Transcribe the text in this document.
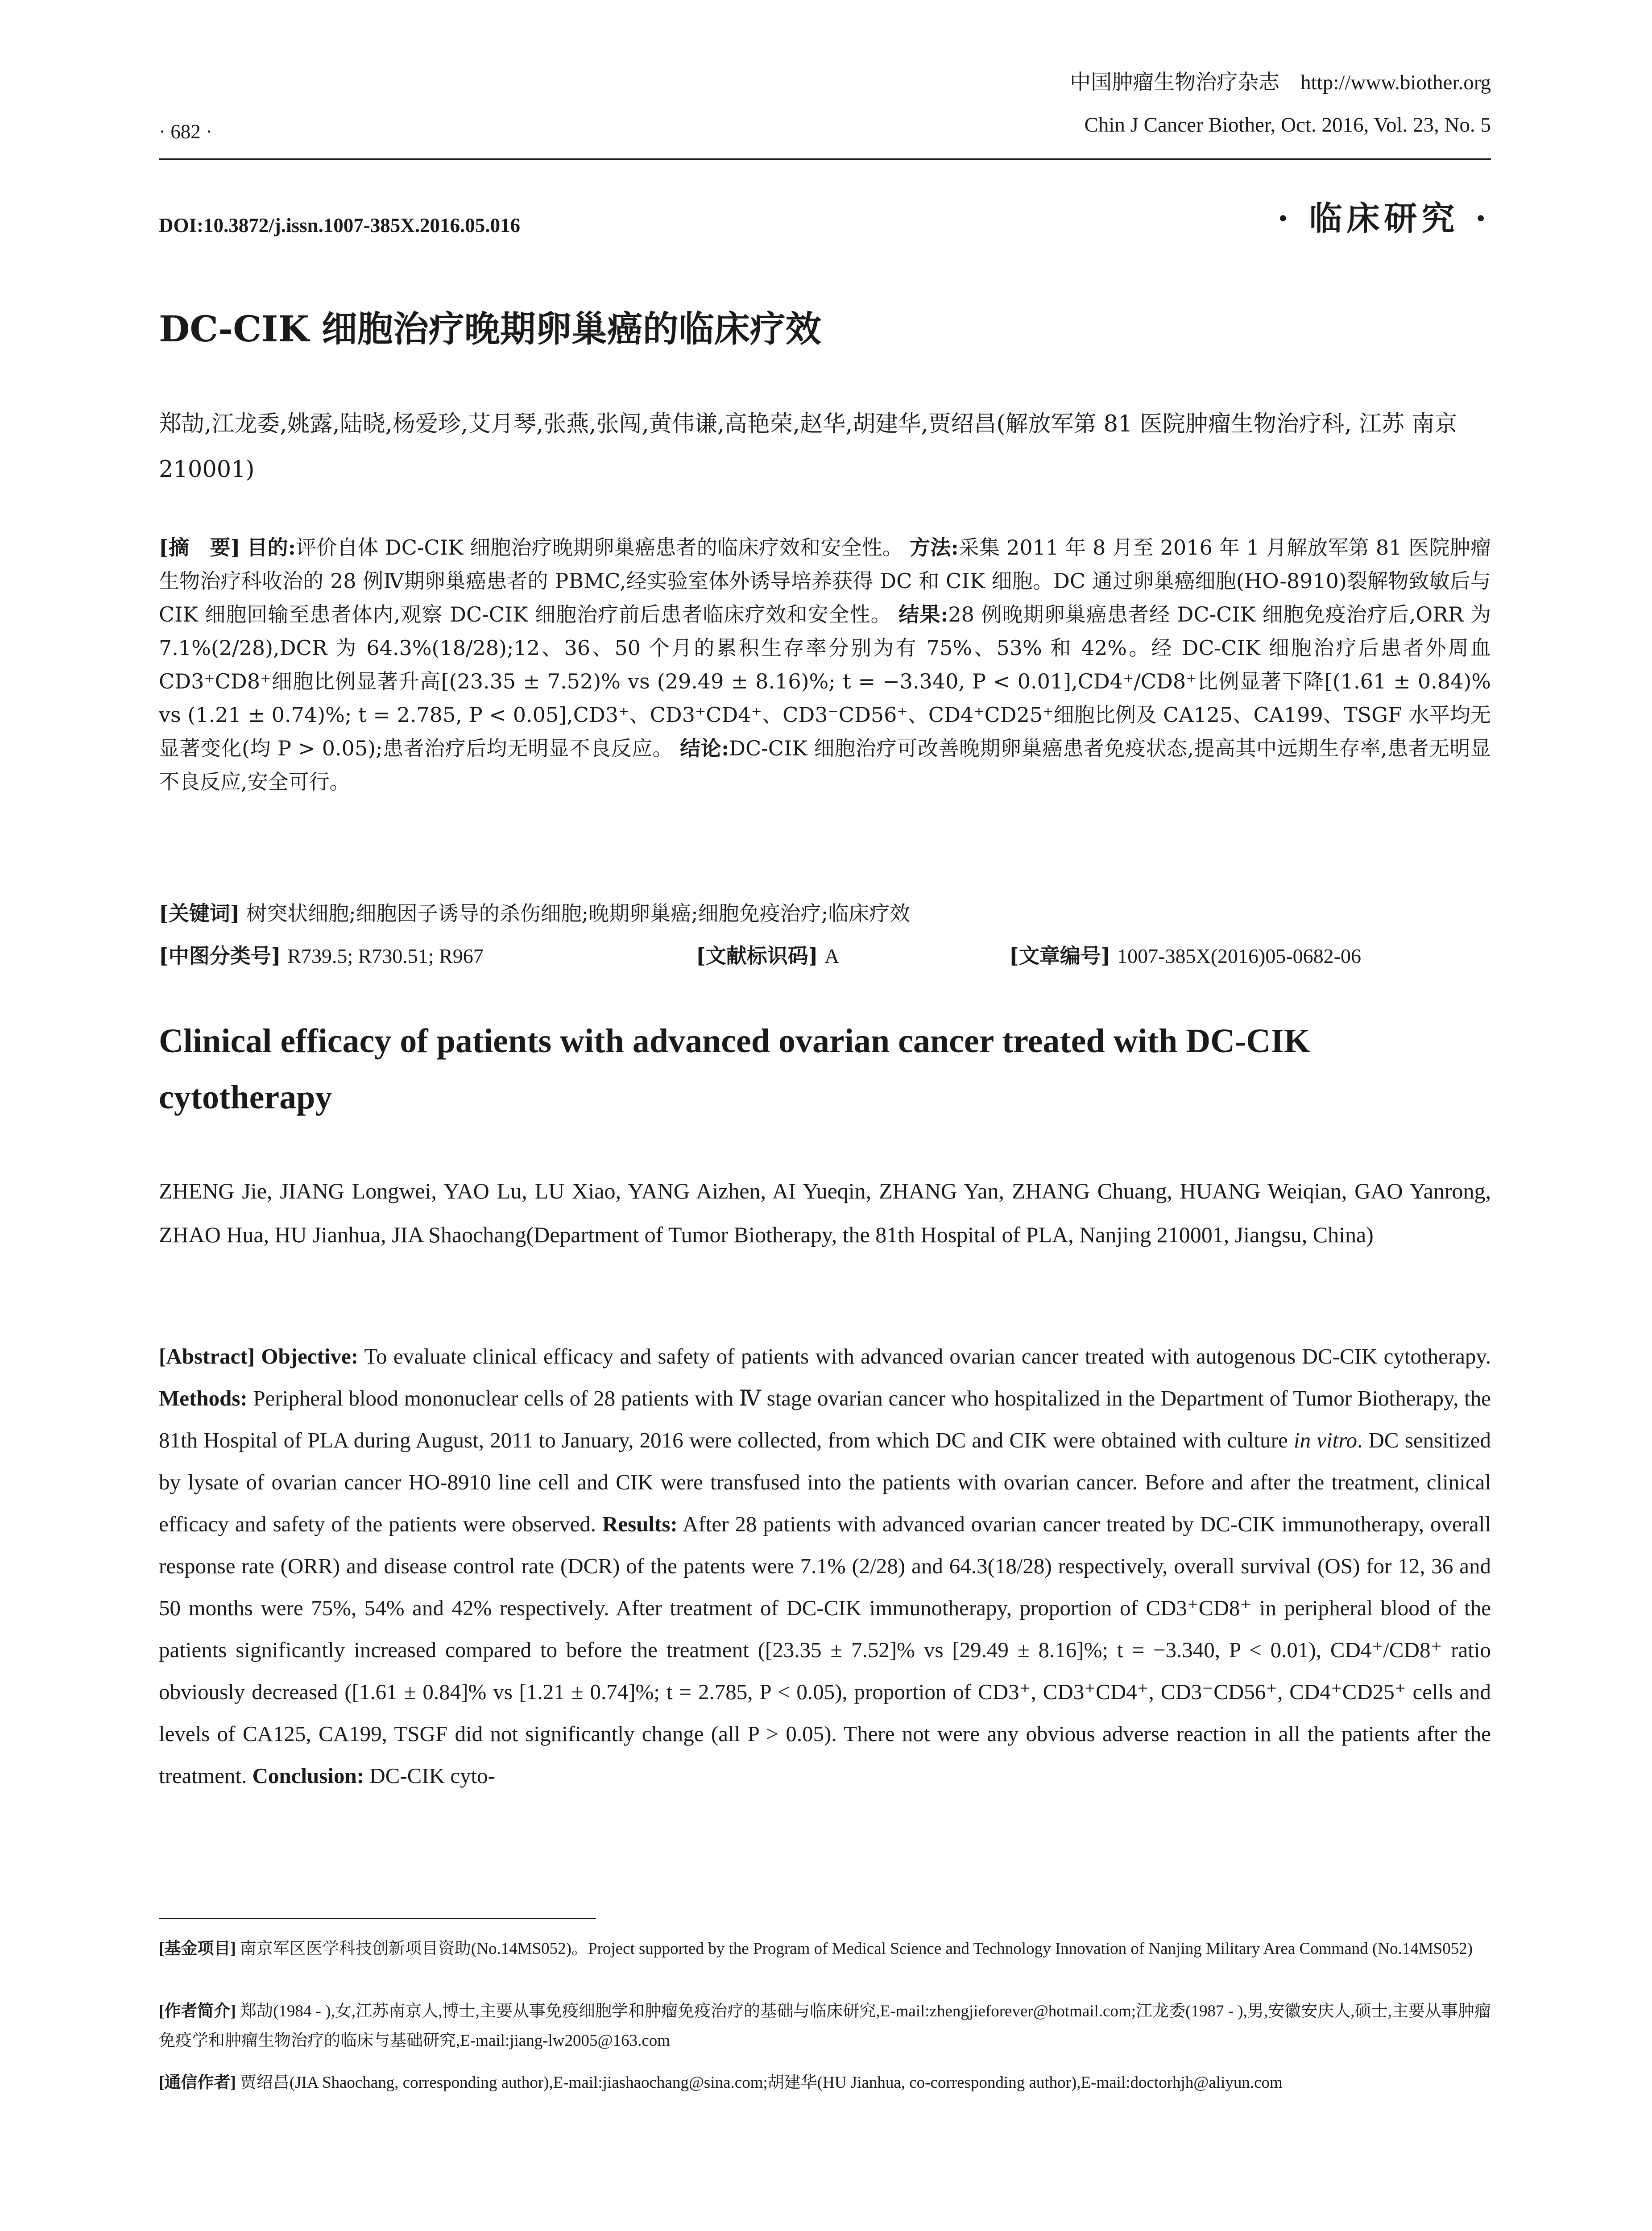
中国肿瘤生物治疗杂志　http://www.biother.org
· 682 ·	Chin J Cancer Biother, Oct. 2016, Vol. 23, No. 5
DOI:10.3872/j.issn.1007-385X.2016.05.016	· 临床研究 ·
DC-CIK 细胞治疗晚期卵巢癌的临床疗效
郑劼,江龙委,姚露,陆晓,杨爱珍,艾月琴,张燕,张闯,黄伟谦,高艳荣,赵华,胡建华,贾绍昌(解放军第 81 医院肿瘤生物治疗科, 江苏 南京 210001)
[摘　要] 目的:评价自体 DC-CIK 细胞治疗晚期卵巢癌患者的临床疗效和安全性。 方法:采集 2011 年 8 月至 2016 年 1 月解放军第 81 医院肿瘤生物治疗科收治的 28 例Ⅳ期卵巢癌患者的 PBMC,经实验室体外诱导培养获得 DC 和 CIK 细胞。DC 通过卵巢癌细胞(HO-8910)裂解物致敏后与 CIK 细胞回输至患者体内,观察 DC-CIK 细胞治疗前后患者临床疗效和安全性。 结果:28 例晚期卵巢癌患者经 DC-CIK 细胞免疫治疗后,ORR 为 7.1%(2/28),DCR 为 64.3%(18/28);12、36、50 个月的累积生存率分别为有 75%、53% 和 42%。经 DC-CIK 细胞治疗后患者外周血 CD3⁺CD8⁺细胞比例显著升高[(23.35 ± 7.52)% vs (29.49 ± 8.16)%; t = −3.340, P < 0.01],CD4⁺/CD8⁺比例显著下降[(1.61 ± 0.84)% vs (1.21 ± 0.74)%; t = 2.785, P < 0.05],CD3⁺、CD3⁺CD4⁺、CD3⁻CD56⁺、CD4⁺CD25⁺细胞比例及 CA125、CA199、TSGF 水平均无显著变化(均 P > 0.05);患者治疗后均无明显不良反应。 结论:DC-CIK 细胞治疗可改善晚期卵巢癌患者免疫状态,提高其中远期生存率,患者无明显不良反应,安全可行。
[关键词] 树突状细胞;细胞因子诱导的杀伤细胞;晚期卵巢癌;细胞免疫治疗;临床疗效
[中图分类号] R739.5; R730.51; R967	[文献标识码] A	[文章编号] 1007-385X(2016)05-0682-06
Clinical efficacy of patients with advanced ovarian cancer treated with DC-CIK cytotherapy
ZHENG Jie, JIANG Longwei, YAO Lu, LU Xiao, YANG Aizhen, AI Yueqin, ZHANG Yan, ZHANG Chuang, HUANG Weiqian, GAO Yanrong, ZHAO Hua, HU Jianhua, JIA Shaochang(Department of Tumor Biotherapy, the 81th Hospital of PLA, Nanjing 210001, Jiangsu, China)
[Abstract] Objective: To evaluate clinical efficacy and safety of patients with advanced ovarian cancer treated with autogenous DC-CIK cytotherapy. Methods: Peripheral blood mononuclear cells of 28 patients with Ⅳ stage ovarian cancer who hospitalized in the Department of Tumor Biotherapy, the 81th Hospital of PLA during August, 2011 to January, 2016 were collected, from which DC and CIK were obtained with culture in vitro. DC sensitized by lysate of ovarian cancer HO-8910 line cell and CIK were transfused into the patients with ovarian cancer. Before and after the treatment, clinical efficacy and safety of the patients were observed. Results: After 28 patients with advanced ovarian cancer treated by DC-CIK immunotherapy, overall response rate (ORR) and disease control rate (DCR) of the patents were 7.1% (2/28) and 64.3(18/28) respectively, overall survival (OS) for 12, 36 and 50 months were 75%, 54% and 42% respectively. After treatment of DC-CIK immunotherapy, proportion of CD3⁺CD8⁺ in peripheral blood of the patients significantly increased compared to before the treatment ([23.35 ± 7.52]% vs [29.49 ± 8.16]%; t = −3.340, P < 0.01), CD4⁺/CD8⁺ ratio obviously decreased ([1.61 ± 0.84]% vs [1.21 ± 0.74]%; t = 2.785, P < 0.05), proportion of CD3⁺, CD3⁺CD4⁺, CD3⁻CD56⁺, CD4⁺CD25⁺ cells and levels of CA125, CA199, TSGF did not significantly change (all P > 0.05). There not were any obvious adverse reaction in all the patients after the treatment. Conclusion: DC-CIK cyto-
[基金项目] 南京军区医学科技创新项目资助(No.14MS052)。Project supported by the Program of Medical Science and Technology Innovation of Nanjing Military Area Command (No.14MS052)
[作者简介] 郑劼(1984 - ),女,江苏南京人,博士,主要从事免疫细胞学和肿瘤免疫治疗的基础与临床研究,E-mail:zhengjieforever@hotmail.com;江龙委(1987 - ),男,安徽安庆人,硕士,主要从事肿瘤免疫学和肿瘤生物治疗的临床与基础研究,E-mail:jiang-lw2005@163.com
[通信作者] 贾绍昌(JIA Shaochang, corresponding author),E-mail:jiashaochang@sina.com;胡建华(HU Jianhua, co-corresponding author),E-mail:doctorhjh@aliyun.com
